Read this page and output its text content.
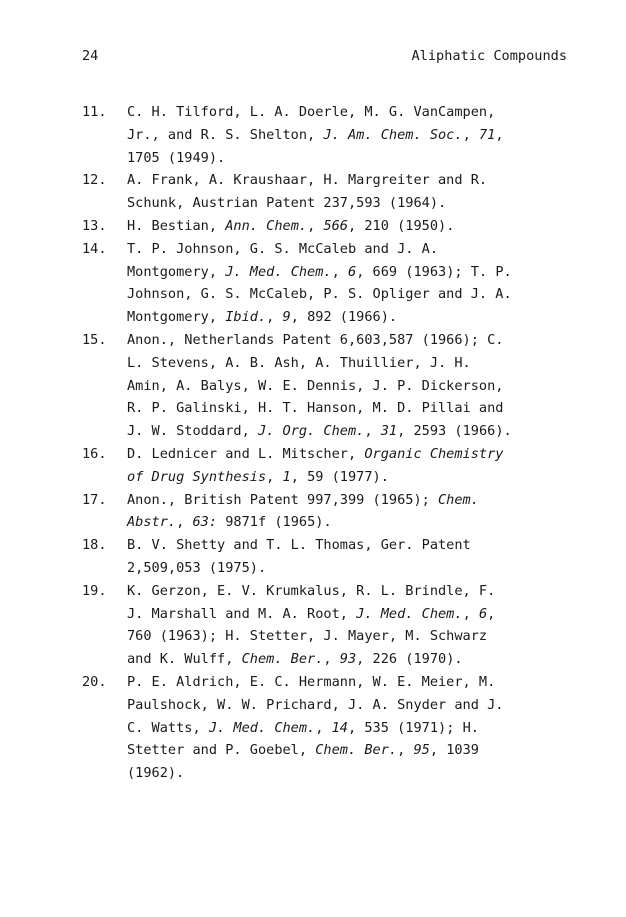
24	Aliphatic Compounds
11. C. H. Tilford, L. A. Doerle, M. G. VanCampen,
Jr., and R. S. Shelton, J. Am. Chem. Soc., 71,
1705 (1949).
12. A. Frank, A. Kraushaar, H. Margreiter and R.
Schunk, Austrian Patent 237,593 (1964).
13. H. Bestian, Ann. Chem., 566, 210 (1950).
14. T. P. Johnson, G. S. McCaleb and J. A.
Montgomery, J. Med. Chem., 6, 669 (1963); T. P.
Johnson, G. S. McCaleb, P. S. Opliger and J. A.
Montgomery, Ibid., 9, 892 (1966).
15. Anon., Netherlands Patent 6,603,587 (1966); C.
L. Stevens, A. B. Ash, A. Thuillier, J. H.
Amin, A. Balys, W. E. Dennis, J. P. Dickerson,
R. P. Galinski, H. T. Hanson, M. D. Pillai and
J. W. Stoddard, J. Org. Chem., 31, 2593 (1966).
16. D. Lednicer and L. Mitscher, Organic Chemistry
of Drug Synthesis, 1, 59 (1977).
17. Anon., British Patent 997,399 (1965); Chem.
Abstr., 63: 9871f (1965).
18. B. V. Shetty and T. L. Thomas, Ger. Patent
2,509,053 (1975).
19. K. Gerzon, E. V. Krumkalus, R. L. Brindle, F.
J. Marshall and M. A. Root, J. Med. Chem., 6,
760 (1963); H. Stetter, J. Mayer, M. Schwarz
and K. Wulff, Chem. Ber., 93, 226 (1970).
20. P. E. Aldrich, E. C. Hermann, W. E. Meier, M.
Paulshock, W. W. Prichard, J. A. Snyder and J.
C. Watts, J. Med. Chem., 14, 535 (1971); H.
Stetter and P. Goebel, Chem. Ber., 95, 1039
(1962).
